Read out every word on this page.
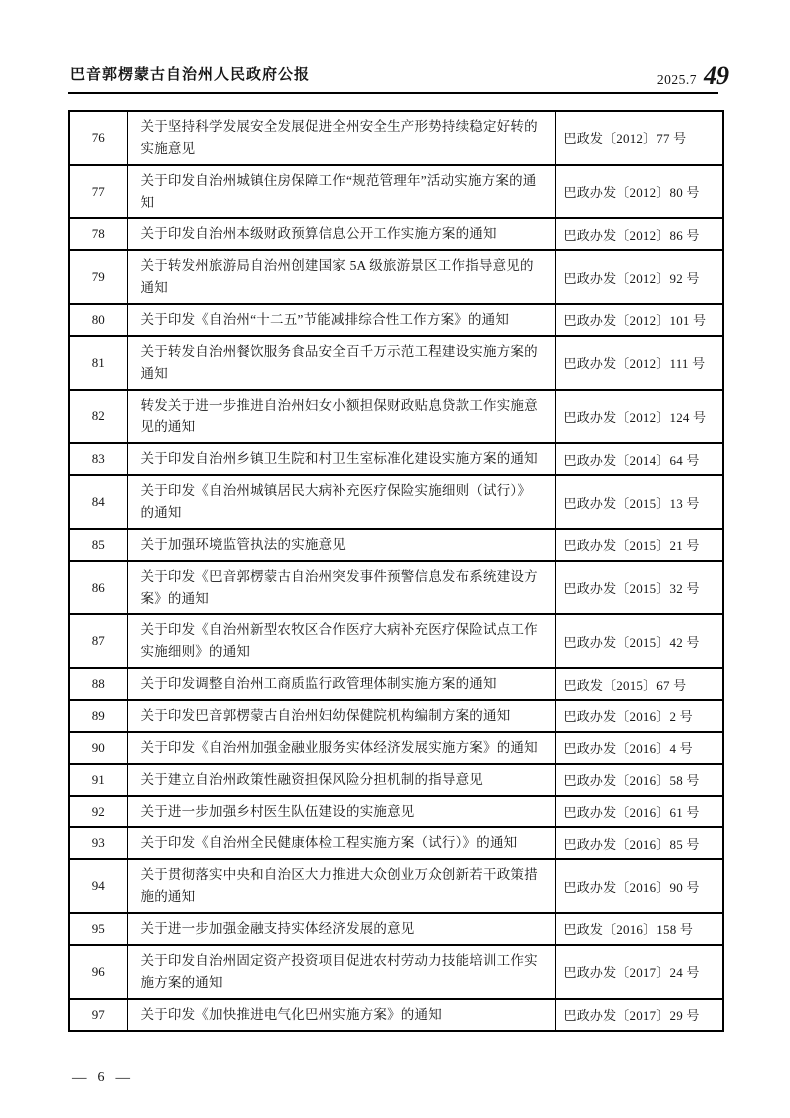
巴音郭楞蒙古自治州人民政府公报	2025.7 49
76	关于坚持科学发展安全发展促进全州安全生产形势持续稳定好转的实施意见	巴政发〔2012〕77 号
77	关于印发自治州城镇住房保障工作“规范管理年”活动实施方案的通知	巴政办发〔2012〕80 号
78	关于印发自治州本级财政预算信息公开工作实施方案的通知	巴政办发〔2012〕86 号
79	关于转发州旅游局自治州创建国家 5A 级旅游景区工作指导意见的通知	巴政办发〔2012〕92 号
80	关于印发《自治州“十二五”节能减排综合性工作方案》的通知	巴政办发〔2012〕101 号
81	关于转发自治州餐饮服务食品安全百千万示范工程建设实施方案的通知	巴政办发〔2012〕111 号
82	转发关于进一步推进自治州妇女小额担保财政贴息贷款工作实施意见的通知	巴政办发〔2012〕124 号
83	关于印发自治州乡镇卫生院和村卫生室标准化建设实施方案的通知	巴政办发〔2014〕64 号
84	关于印发《自治州城镇居民大病补充医疗保险实施细则（试行）》的通知	巴政办发〔2015〕13 号
85	关于加强环境监管执法的实施意见	巴政办发〔2015〕21 号
86	关于印发《巴音郭楞蒙古自治州突发事件预警信息发布系统建设方案》的通知	巴政办发〔2015〕32 号
87	关于印发《自治州新型农牧区合作医疗大病补充医疗保险试点工作实施细则》的通知	巴政办发〔2015〕42 号
88	关于印发调整自治州工商质监行政管理体制实施方案的通知	巴政发〔2015〕67 号
89	关于印发巴音郭楞蒙古自治州妇幼保健院机构编制方案的通知	巴政办发〔2016〕2 号
90	关于印发《自治州加强金融业服务实体经济发展实施方案》的通知	巴政办发〔2016〕4 号
91	关于建立自治州政策性融资担保风险分担机制的指导意见	巴政办发〔2016〕58 号
92	关于进一步加强乡村医生队伍建设的实施意见	巴政办发〔2016〕61 号
93	关于印发《自治州全民健康体检工程实施方案（试行）》的通知	巴政办发〔2016〕85 号
94	关于贯彻落实中央和自治区大力推进大众创业万众创新若干政策措施的通知	巴政办发〔2016〕90 号
95	关于进一步加强金融支持实体经济发展的意见	巴政发〔2016〕158 号
96	关于印发自治州固定资产投资项目促进农村劳动力技能培训工作实施方案的通知	巴政办发〔2017〕24 号
97	关于印发《加快推进电气化巴州实施方案》的通知	巴政办发〔2017〕29 号
— 6 —
